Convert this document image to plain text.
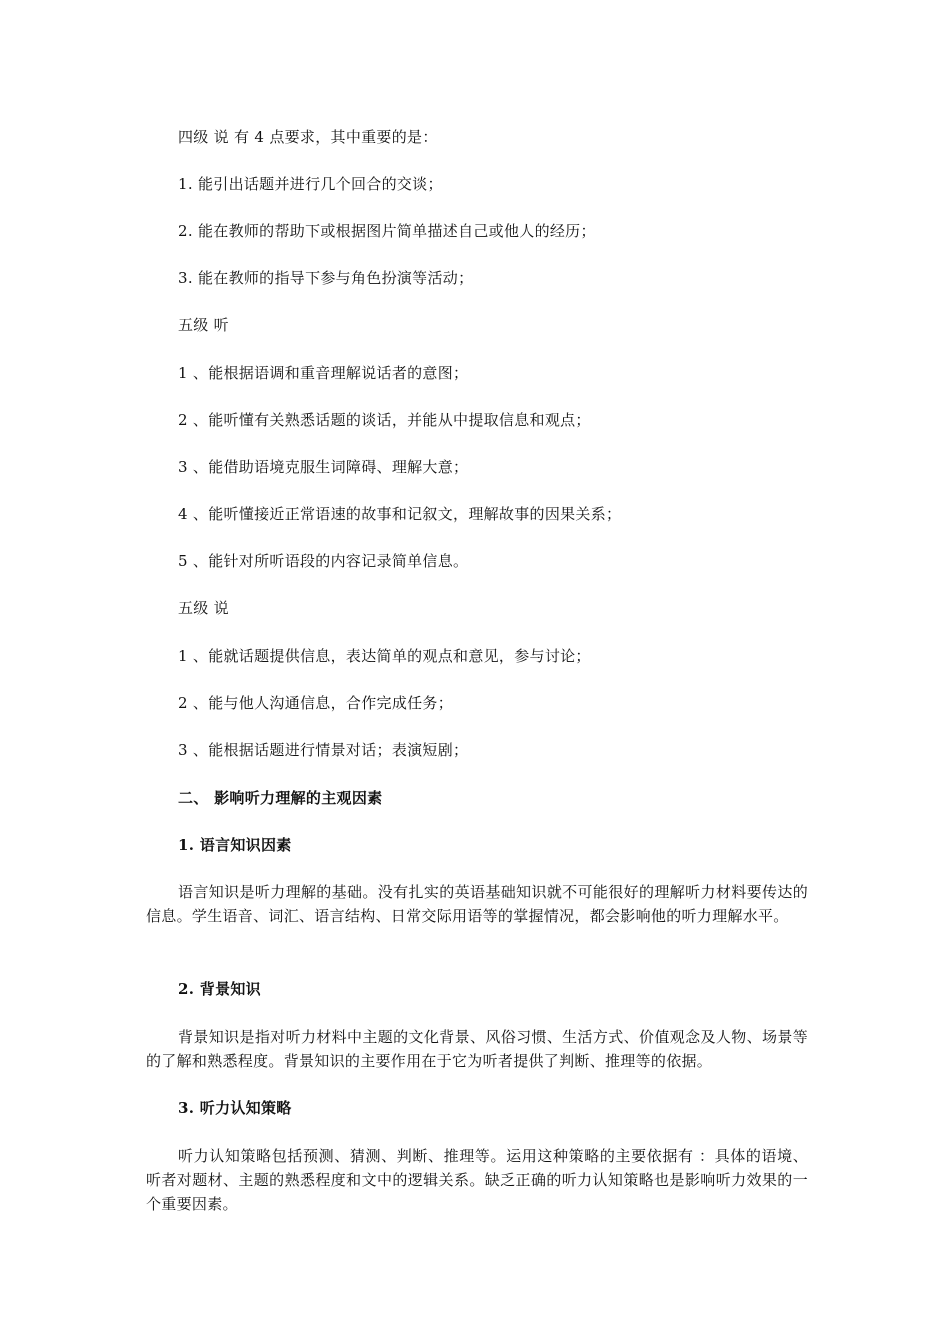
四级 说 有 4 点要求，其中重要的是：
1. 能引出话题并进行几个回合的交谈；
2. 能在教师的帮助下或根据图片简单描述自己或他人的经历；
3. 能在教师的指导下参与角色扮演等活动；
五级 听
1 、能根据语调和重音理解说话者的意图；
2 、能听懂有关熟悉话题的谈话，并能从中提取信息和观点；
3 、能借助语境克服生词障碍、理解大意；
4 、能听懂接近正常语速的故事和记叙文，理解故事的因果关系；
5 、能针对所听语段的内容记录简单信息。
五级 说
1 、能就话题提供信息，表达简单的观点和意见，参与讨论；
2 、能与他人沟通信息，合作完成任务；
3 、能根据话题进行情景对话；表演短剧；
二、 影响听力理解的主观因素
1. 语言知识因素
语言知识是听力理解的基础。没有扎实的英语基础知识就不可能很好的理解听力材料要传达的信息。学生语音、词汇、语言结构、日常交际用语等的掌握情况，都会影响他的听力理解水平。
2. 背景知识
背景知识是指对听力材料中主题的文化背景、风俗习惯、生活方式、价值观念及人物、场景等的了解和熟悉程度。背景知识的主要作用在于它为听者提供了判断、推理等的依据。
3. 听力认知策略
听力认知策略包括预测、猜测、判断、推理等。运用这种策略的主要依据有 ：具体的语境、听者对题材、主题的熟悉程度和文中的逻辑关系。缺乏正确的听力认知策略也是影响听力效果的一个重要因素。
